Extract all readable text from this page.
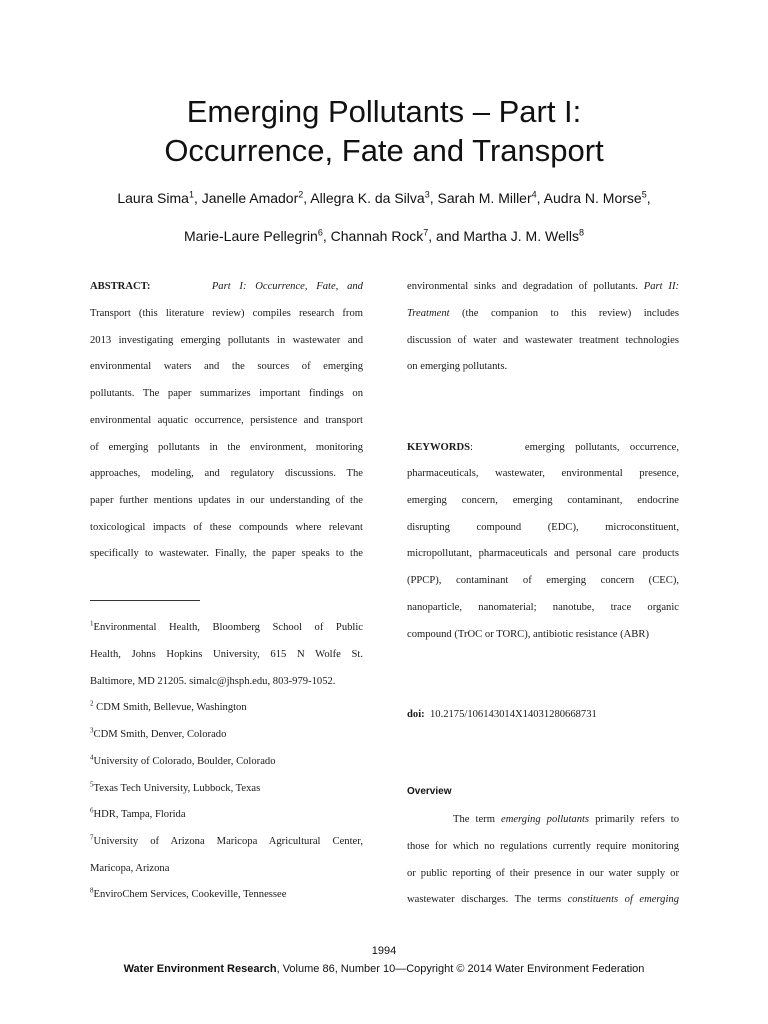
Emerging Pollutants – Part I:
Occurrence, Fate and Transport
Laura Sima$^1$, Janelle Amador$^2$, Allegra K. da Silva$^3$, Sarah M. Miller$^4$, Audra N. Morse$^5$,
Marie-Laure Pellegrin$^6$, Channah Rock$^7$, and Martha J. M. Wells$^8$
ABSTRACT:	Part I: Occurrence, Fate, and
Transport (this literature review) compiles research from
2013 investigating emerging pollutants in wastewater and
environmental waters and the sources of emerging
pollutants. The paper summarizes important findings on
environmental aquatic occurrence, persistence and transport
of emerging pollutants in the environment, monitoring
approaches, modeling, and regulatory discussions. The
paper further mentions updates in our understanding of the
toxicological impacts of these compounds where relevant
specifically to wastewater. Finally, the paper speaks to the
$^1$Environmental Health, Bloomberg School of Public
Health, Johns Hopkins University, 615 N Wolfe St.
Baltimore, MD 21205. simalc@jhsph.edu, 803-979-1052.
$^2$ CDM Smith, Bellevue, Washington
$^3$CDM Smith, Denver, Colorado
$^4$University of Colorado, Boulder, Colorado
$^5$Texas Tech University, Lubbock, Texas
$^6$HDR, Tampa, Florida
$^7$University of Arizona Maricopa Agricultural Center,
Maricopa, Arizona
$^8$EnviroChem Services, Cookeville, Tennessee
environmental sinks and degradation of pollutants. Part II:
Treatment (the companion to this review) includes
discussion of water and wastewater treatment technologies
on emerging pollutants.
KEYWORDS:     emerging pollutants, occurrence,
pharmaceuticals, wastewater, environmental presence,
emerging concern, emerging contaminant, endocrine
disrupting compound (EDC), microconstituent,
micropollutant, pharmaceuticals and personal care products
(PPCP), contaminant of emerging concern (CEC),
nanoparticle, nanomaterial; nanotube, trace organic
compound (TrOC or TORC), antibiotic resistance (ABR)
doi: 10.2175/106143014X14031280668731
Overview
The term emerging pollutants primarily refers to
those for which no regulations currently require monitoring
or public reporting of their presence in our water supply or
wastewater discharges. The terms constituents of emerging
1994
Water Environment Research, Volume 86, Number 10—Copyright © 2014 Water Environment Federation
